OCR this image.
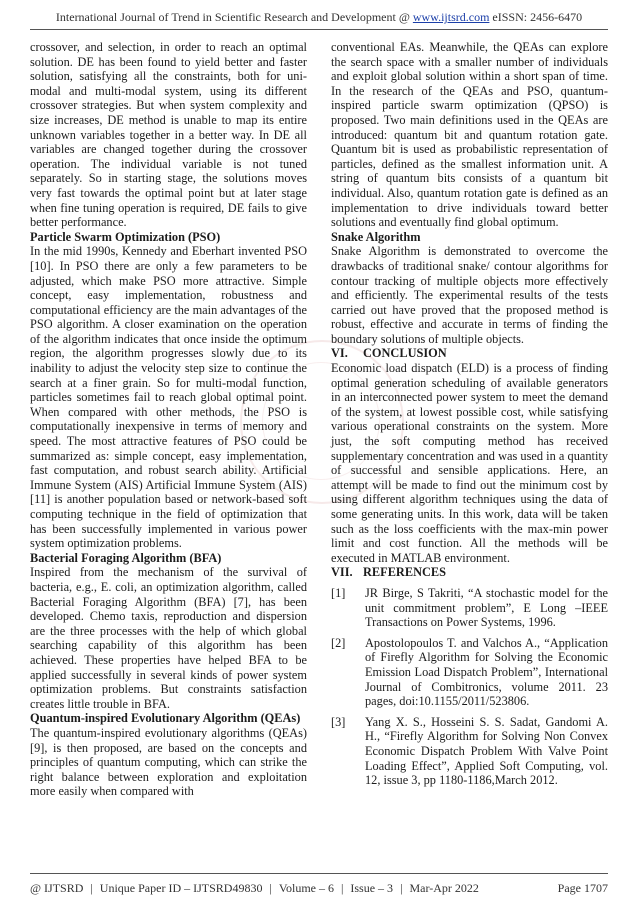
International Journal of Trend in Scientific Research and Development @ www.ijtsrd.com eISSN: 2456-6470

crossover, and selection, in order to reach an optimal solution. DE has been found to yield better and faster solution, satisfying all the constraints, both for uni-modal and multi-modal system, using its different crossover strategies. But when system complexity and size increases, DE method is unable to map its entire unknown variables together in a better way. In DE all variables are changed together during the crossover operation. The individual variable is not tuned separately. So in starting stage, the solutions moves very fast towards the optimal point but at later stage when fine tuning operation is required, DE fails to give better performance.

Particle Swarm Optimization (PSO)

In the mid 1990s, Kennedy and Eberhart invented PSO [10]. In PSO there are only a few parameters to be adjusted, which make PSO more attractive. Simple concept, easy implementation, robustness and computational efficiency are the main advantages of the PSO algorithm. A closer examination on the operation of the algorithm indicates that once inside the optimum region, the algorithm progresses slowly due to its inability to adjust the velocity step size to continue the search at a finer grain. So for multi-modal function, particles sometimes fail to reach global optimal point. When compared with other methods, the PSO is computationally inexpensive in terms of memory and speed. The most attractive features of PSO could be summarized as: simple concept, easy implementation, fast computation, and robust search ability. Artificial Immune System (AIS) Artificial Immune System (AIS) [11] is another population based or network-based soft computing technique in the field of optimization that has been successfully implemented in various power system optimization problems.

Bacterial Foraging Algorithm (BFA)

Inspired from the mechanism of the survival of bacteria, e.g., E. coli, an optimization algorithm, called Bacterial Foraging Algorithm (BFA) [7], has been developed. Chemo taxis, reproduction and dispersion are the three processes with the help of which global searching capability of this algorithm has been achieved. These properties have helped BFA to be applied successfully in several kinds of power system optimization problems. But constraints satisfaction creates little trouble in BFA.

Quantum-inspired Evolutionary Algorithm (QEAs)

The quantum-inspired evolutionary algorithms (QEAs) [9], is then proposed, are based on the concepts and principles of quantum computing, which can strike the right balance between exploration and exploitation more easily when compared with

conventional EAs. Meanwhile, the QEAs can explore the search space with a smaller number of individuals and exploit global solution within a short span of time. In the research of the QEAs and PSO, quantum-inspired particle swarm optimization (QPSO) is proposed. Two main definitions used in the QEAs are introduced: quantum bit and quantum rotation gate. Quantum bit is used as probabilistic representation of particles, defined as the smallest information unit. A string of quantum bits consists of a quantum bit individual. Also, quantum rotation gate is defined as an implementation to drive individuals toward better solutions and eventually find global optimum.

Snake Algorithm

Snake Algorithm is demonstrated to overcome the drawbacks of traditional snake/ contour algorithms for contour tracking of multiple objects more effectively and efficiently. The experimental results of the tests carried out have proved that the proposed method is robust, effective and accurate in terms of finding the boundary solutions of multiple objects.

VI. CONCLUSION

Economic load dispatch (ELD) is a process of finding optimal generation scheduling of available generators in an interconnected power system to meet the demand of the system, at lowest possible cost, while satisfying various operational constraints on the system. More just, the soft computing method has received supplementary concentration and was used in a quantity of successful and sensible applications. Here, an attempt will be made to find out the minimum cost by using different algorithm techniques using the data of some generating units. In this work, data will be taken such as the loss coefficients with the max-min power limit and cost function. All the methods will be executed in MATLAB environment.

VII. REFERENCES

[1]	JR Birge, S Takriti, “A stochastic model for the unit commitment problem”, E Long –IEEE Transactions on Power Systems, 1996.
[2]	Apostolopoulos T. and Valchos A., “Application of Firefly Algorithm for Solving the Economic Emission Load Dispatch Problem”, International Journal of Combitronics, volume 2011. 23 pages, doi:10.1155/2011/523806.
[3]	Yang X. S., Hosseini S. S. Sadat, Gandomi A. H., “Firefly Algorithm for Solving Non Convex Economic Dispatch Problem With Valve Point Loading Effect”, Applied Soft Computing, vol. 12, issue 3, pp 1180-1186,March 2012.
@ IJTSRD | Unique Paper ID – IJTSRD49830 | Volume – 6 | Issue – 3 | Mar-Apr 2022	Page 1707
